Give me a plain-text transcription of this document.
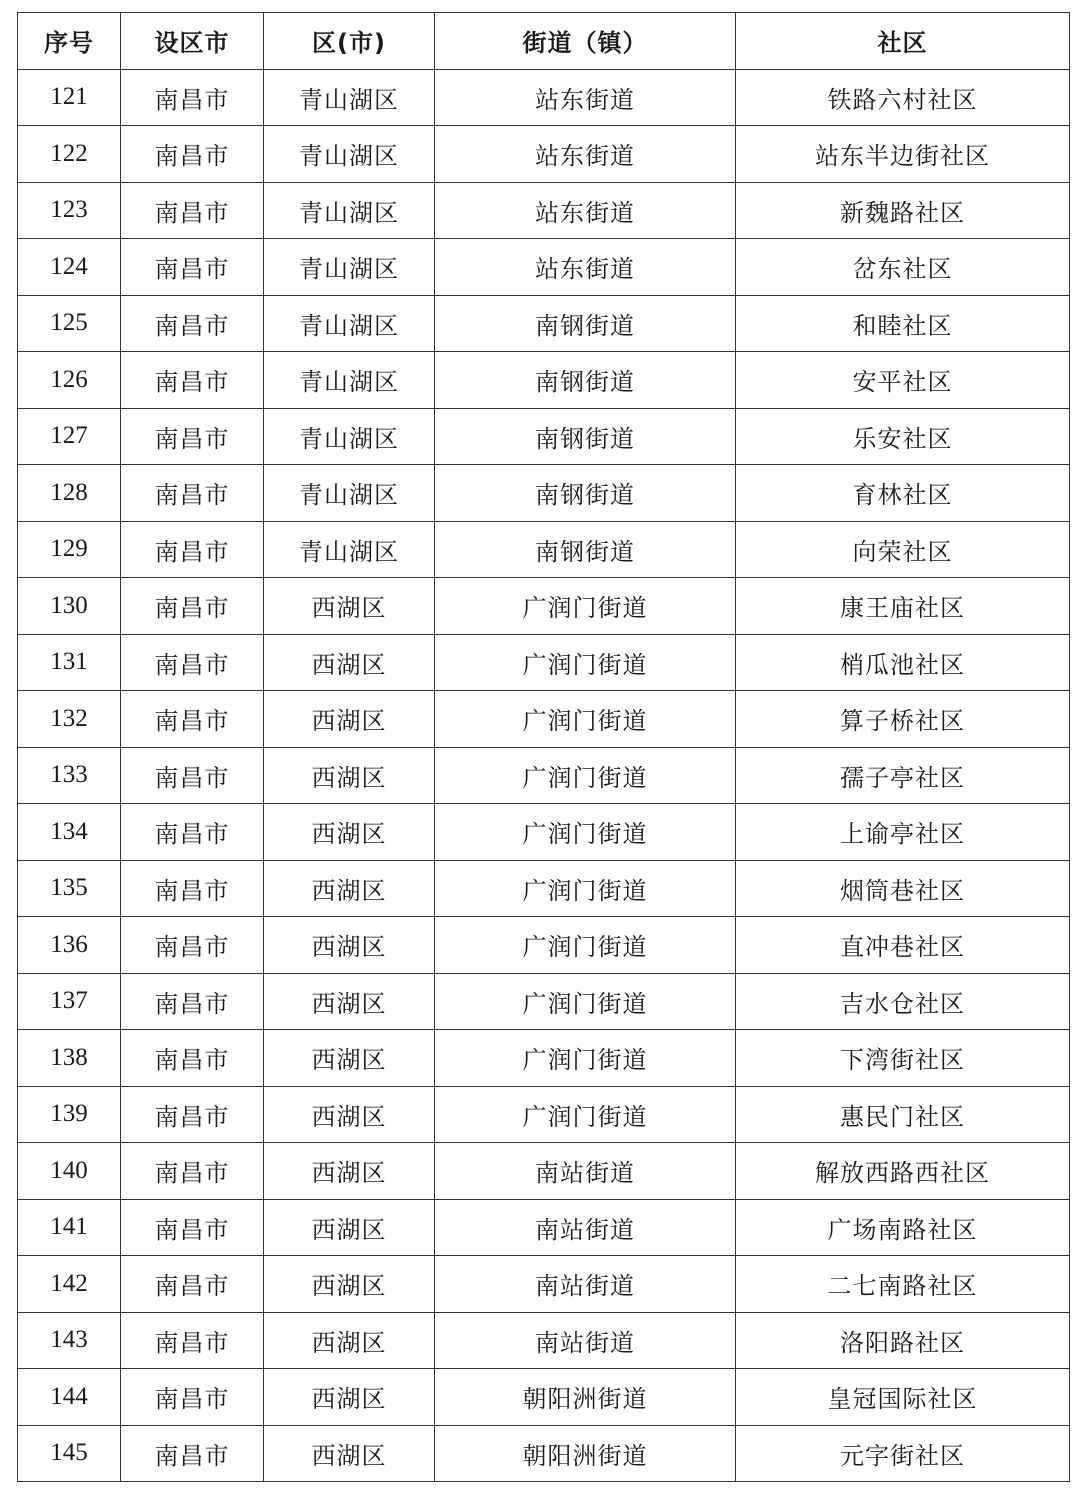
序号	设区市	区(市)	街道（镇）	社区
121	南昌市	青山湖区	站东街道	铁路六村社区
122	南昌市	青山湖区	站东街道	站东半边街社区
123	南昌市	青山湖区	站东街道	新魏路社区
124	南昌市	青山湖区	站东街道	岔东社区
125	南昌市	青山湖区	南钢街道	和睦社区
126	南昌市	青山湖区	南钢街道	安平社区
127	南昌市	青山湖区	南钢街道	乐安社区
128	南昌市	青山湖区	南钢街道	育林社区
129	南昌市	青山湖区	南钢街道	向荣社区
130	南昌市	西湖区	广润门街道	康王庙社区
131	南昌市	西湖区	广润门街道	梢瓜池社区
132	南昌市	西湖区	广润门街道	算子桥社区
133	南昌市	西湖区	广润门街道	孺子亭社区
134	南昌市	西湖区	广润门街道	上谕亭社区
135	南昌市	西湖区	广润门街道	烟筒巷社区
136	南昌市	西湖区	广润门街道	直冲巷社区
137	南昌市	西湖区	广润门街道	吉水仓社区
138	南昌市	西湖区	广润门街道	下湾街社区
139	南昌市	西湖区	广润门街道	惠民门社区
140	南昌市	西湖区	南站街道	解放西路西社区
141	南昌市	西湖区	南站街道	广场南路社区
142	南昌市	西湖区	南站街道	二七南路社区
143	南昌市	西湖区	南站街道	洛阳路社区
144	南昌市	西湖区	朝阳洲街道	皇冠国际社区
145	南昌市	西湖区	朝阳洲街道	元字街社区
